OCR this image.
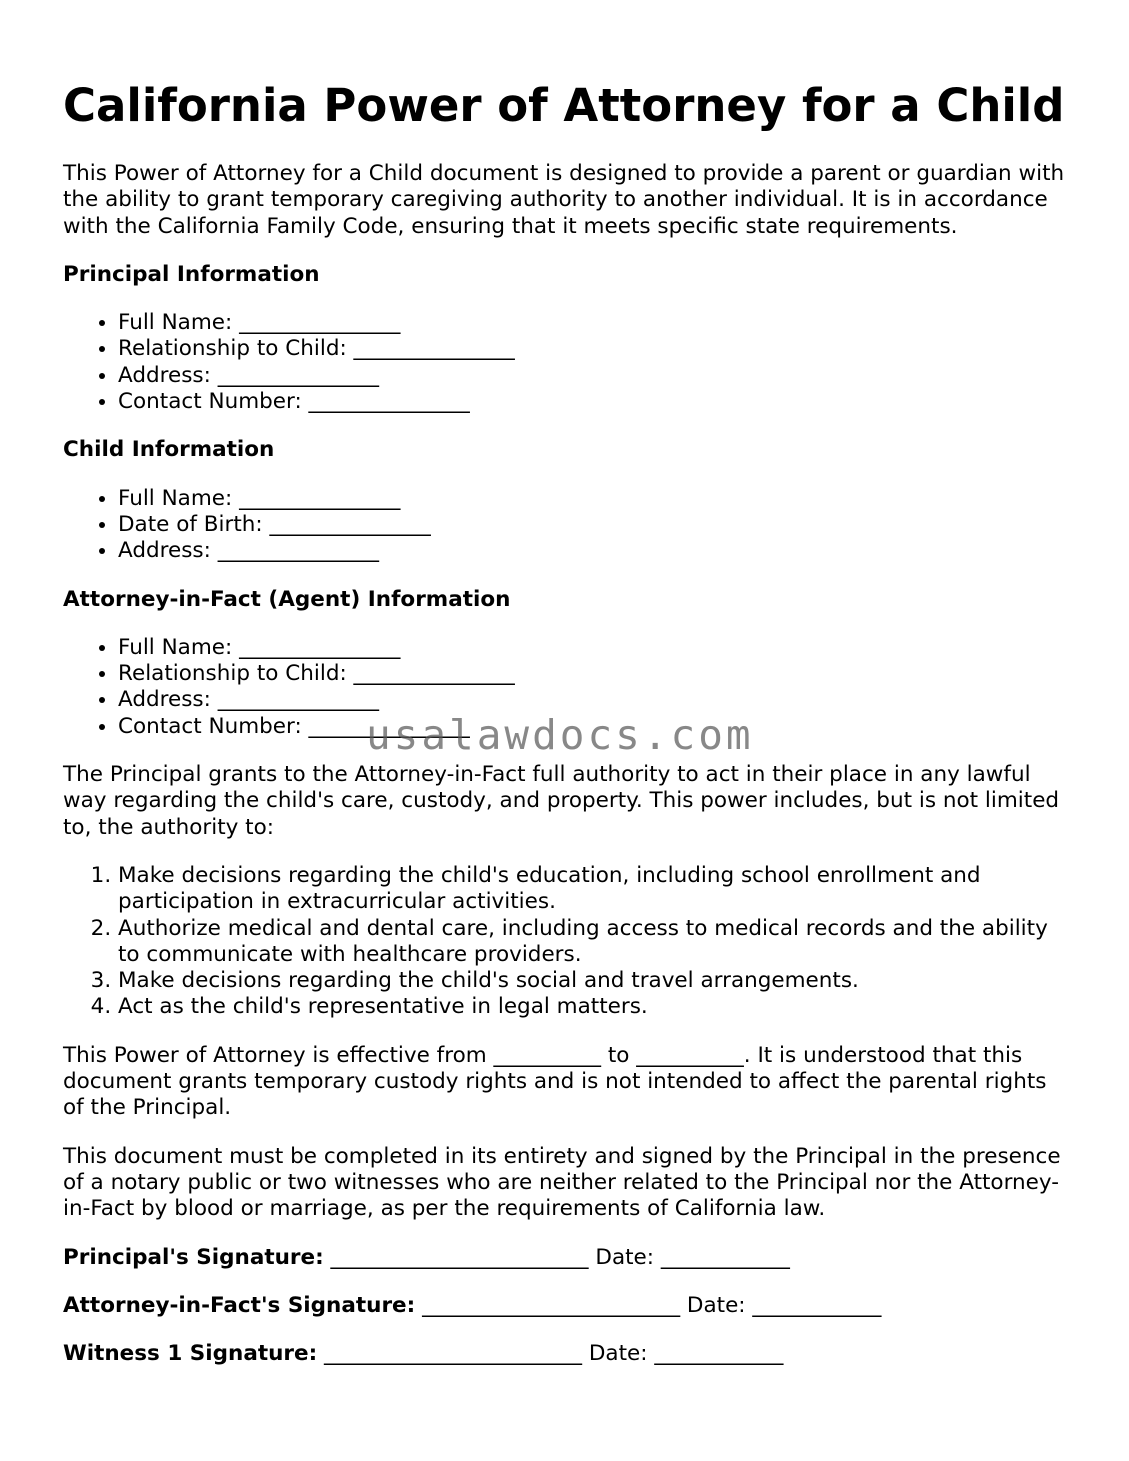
California Power of Attorney for a Child

This Power of Attorney for a Child document is designed to provide a parent or guardian with the ability to grant temporary caregiving authority to another individual. It is in accordance with the California Family Code, ensuring that it meets specific state requirements.

Principal Information
• Full Name: _______________
• Relationship to Child: _______________
• Address: _______________
• Contact Number: _______________
Child Information
• Full Name: _______________
• Date of Birth: _______________
• Address: _______________
Attorney-in-Fact (Agent) Information
• Full Name: _______________
• Relationship to Child: _______________
• Address: _______________
• Contact Number: _______________

The Principal grants to the Attorney-in-Fact full authority to act in their place in any lawful way regarding the child's care, custody, and property. This power includes, but is not limited to, the authority to:

1. Make decisions regarding the child's education, including school enrollment and participation in extracurricular activities.
2. Authorize medical and dental care, including access to medical records and the ability to communicate with healthcare providers.
3. Make decisions regarding the child's social and travel arrangements.
4. Act as the child's representative in legal matters.

This Power of Attorney is effective from __________ to __________. It is understood that this document grants temporary custody rights and is not intended to affect the parental rights of the Principal.

This document must be completed in its entirety and signed by the Principal in the presence of a notary public or two witnesses who are neither related to the Principal nor the Attorney-in-Fact by blood or marriage, as per the requirements of California law.

Principal's Signature: ________________________ Date: ____________
Attorney-in-Fact's Signature: ________________________ Date: ____________
Witness 1 Signature: ________________________ Date: ____________
usalawdocs.com
